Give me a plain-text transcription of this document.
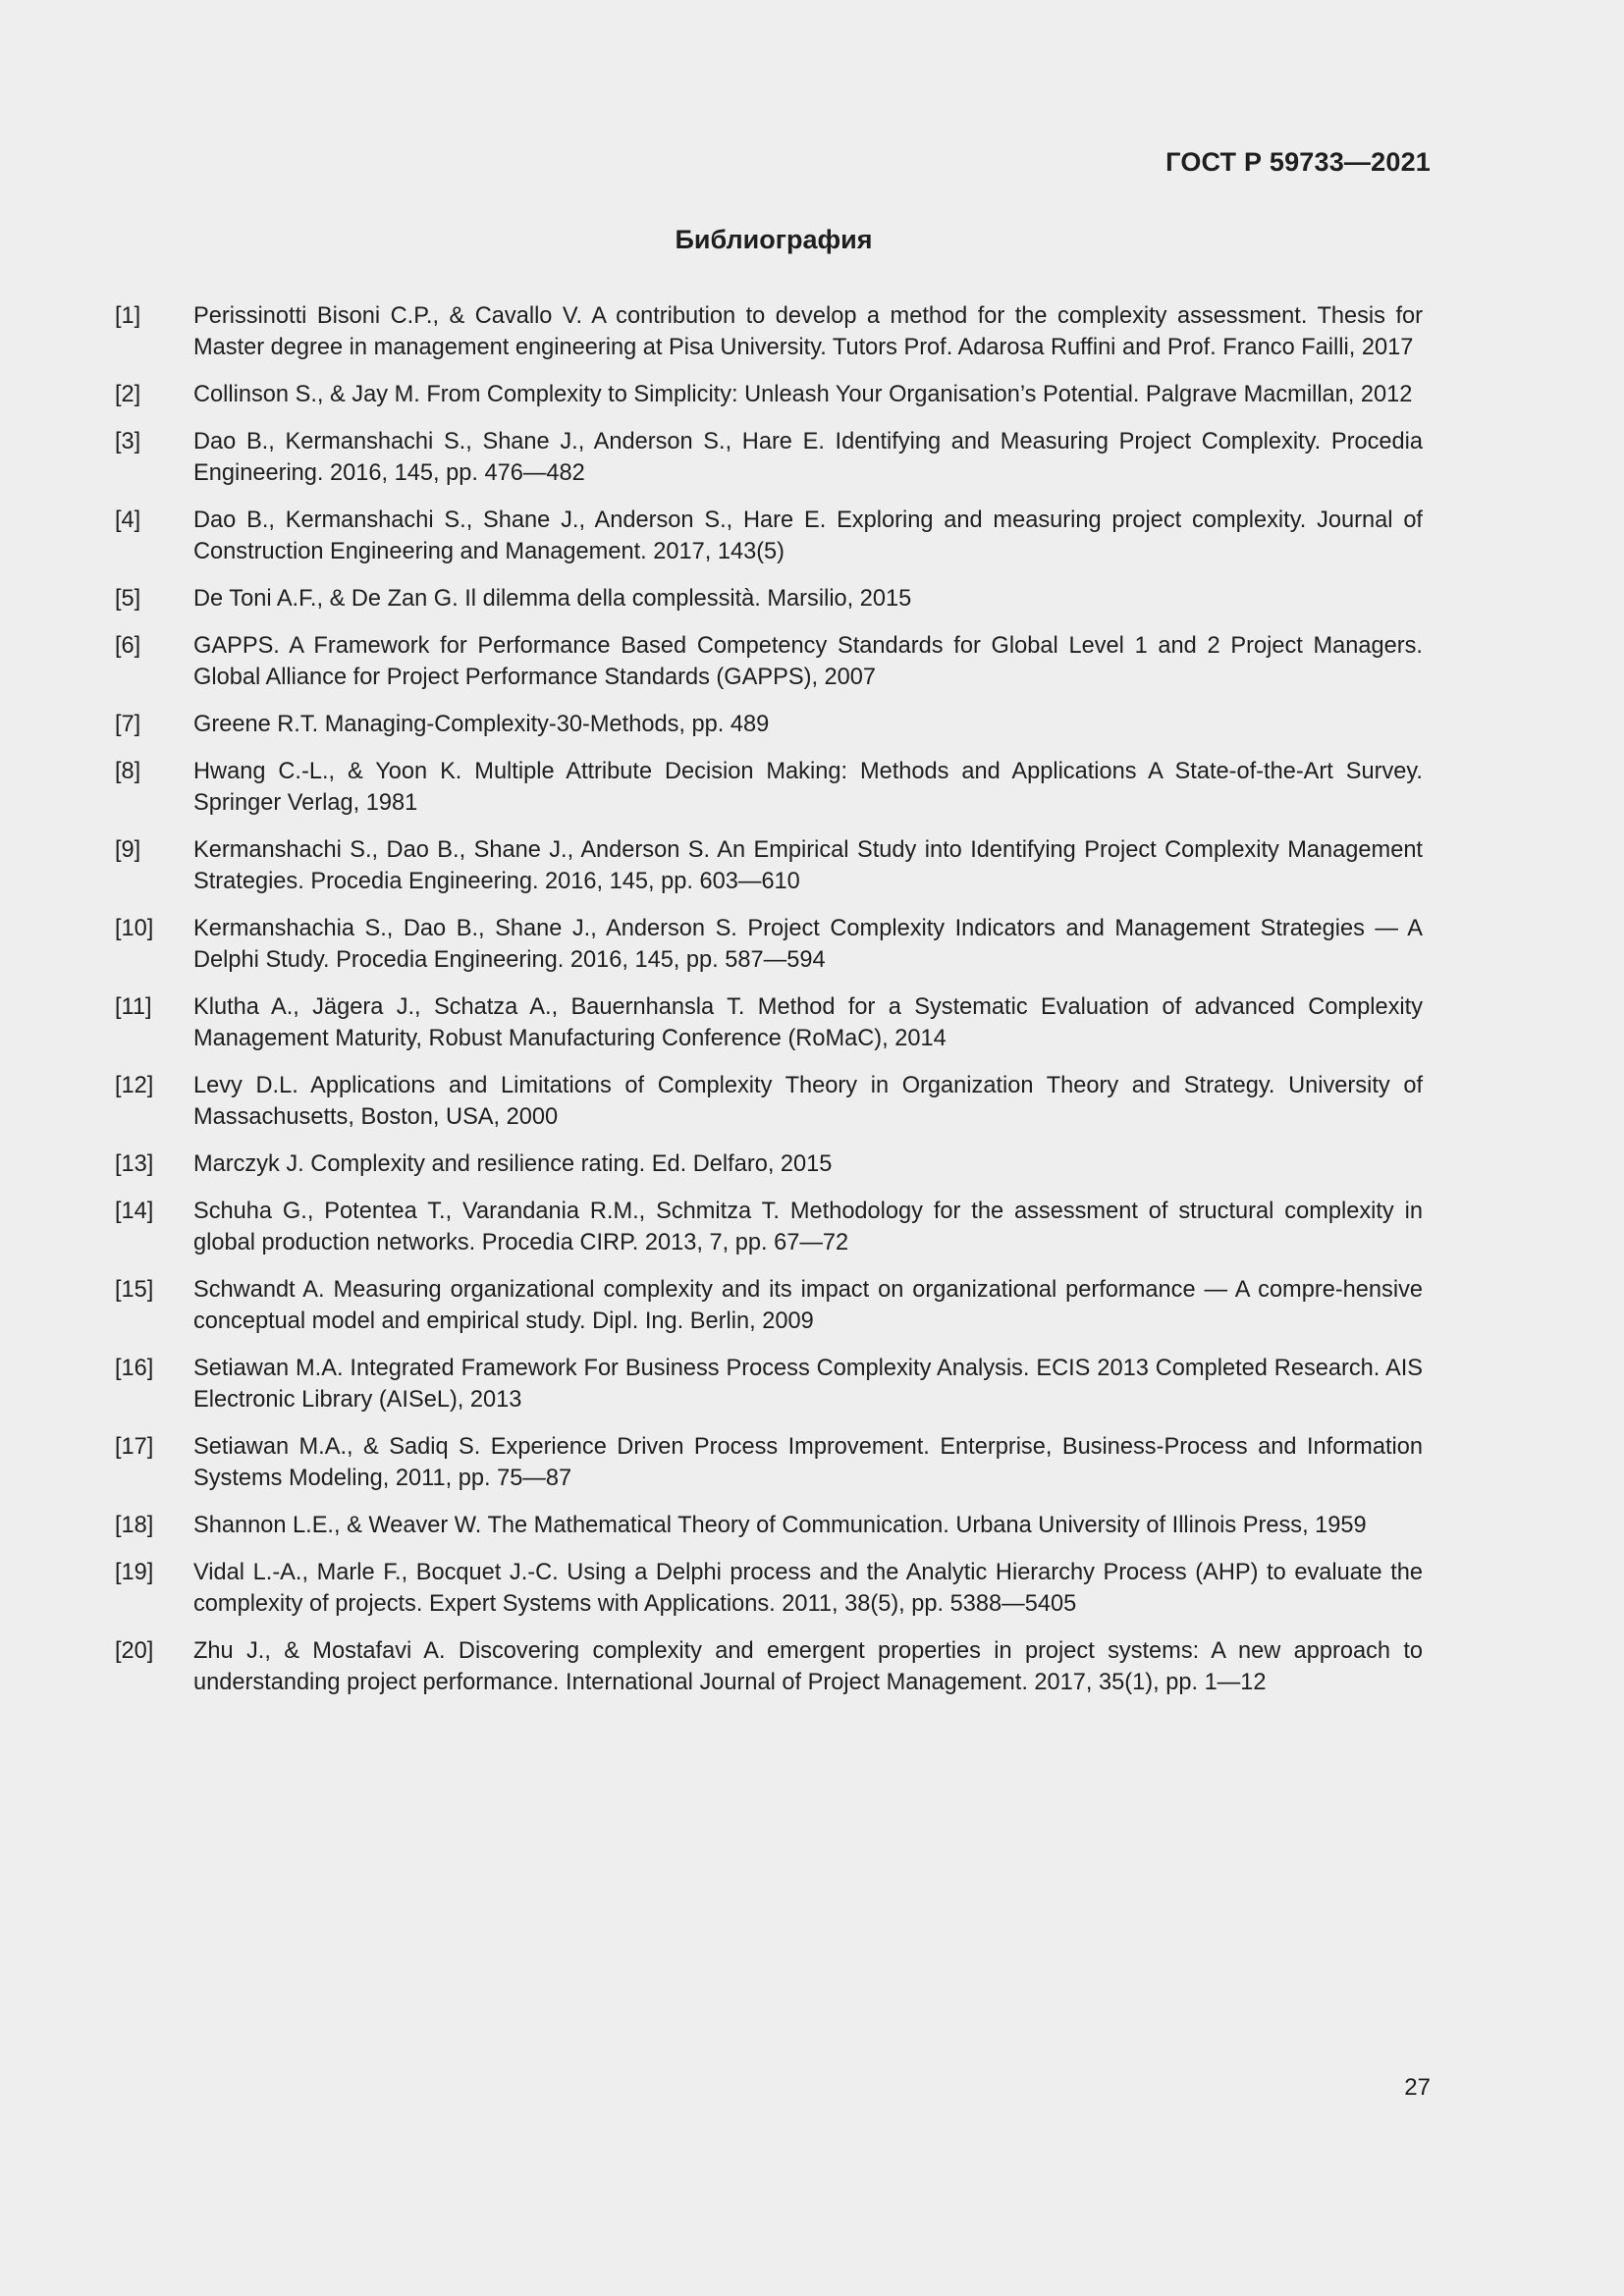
ГОСТ Р 59733—2021
Библиография
[1]	Perissinotti Bisoni C.P., & Cavallo V. A contribution to develop a method for the complexity assessment. Thesis for Master degree in management engineering at Pisa University. Tutors Prof. Adarosa Ruffini and Prof. Franco Failli, 2017
[2]	Collinson S., & Jay M. From Complexity to Simplicity: Unleash Your Organisation’s Potential. Palgrave Macmillan, 2012
[3]	Dao B., Kermanshachi S., Shane J., Anderson S., Hare E. Identifying and Measuring Project Complexity. Procedia Engineering. 2016, 145, pp. 476—482
[4]	Dao B., Kermanshachi S., Shane J., Anderson S., Hare E. Exploring and measuring project complexity. Journal of Construction Engineering and Management. 2017, 143(5)
[5]	De Toni A.F., & De Zan G. Il dilemma della complessità. Marsilio, 2015
[6]	GAPPS. A Framework for Performance Based Competency Standards for Global Level 1 and 2 Project Managers. Global Alliance for Project Performance Standards (GAPPS), 2007
[7]	Greene R.T. Managing-Complexity-30-Methods, pp. 489
[8]	Hwang C.-L., & Yoon K. Multiple Attribute Decision Making: Methods and Applications A State-of-the-Art Survey. Springer Verlag, 1981
[9]	Kermanshachi S., Dao B., Shane J., Anderson S. An Empirical Study into Identifying Project Complexity Management Strategies. Procedia Engineering. 2016, 145, pp. 603—610
[10]	Kermanshachia S., Dao B., Shane J., Anderson S. Project Complexity Indicators and Management Strategies — A Delphi Study. Procedia Engineering. 2016, 145, pp. 587—594
[11]	Klutha A., Jägera J., Schatza A., Bauernhansla T. Method for a Systematic Evaluation of advanced Complexity Management Maturity, Robust Manufacturing Conference (RoMaC), 2014
[12]	Levy D.L. Applications and Limitations of Complexity Theory in Organization Theory and Strategy. University of Massachusetts, Boston, USA, 2000
[13]	Marczyk J. Complexity and resilience rating. Ed. Delfaro, 2015
[14]	Schuha G., Potentea T., Varandania R.M., Schmitza T. Methodology for the assessment of structural complexity in global production networks. Procedia CIRP. 2013, 7, pp. 67—72
[15]	Schwandt A. Measuring organizational complexity and its impact on organizational performance — A compre-hensive conceptual model and empirical study. Dipl. Ing. Berlin, 2009
[16]	Setiawan M.A. Integrated Framework For Business Process Complexity Analysis. ECIS 2013 Completed Research. AIS Electronic Library (AISeL), 2013
[17]	Setiawan M.A., & Sadiq S. Experience Driven Process Improvement. Enterprise, Business-Process and Information Systems Modeling, 2011, pp. 75—87
[18]	Shannon L.E., & Weaver W. The Mathematical Theory of Communication. Urbana University of Illinois Press, 1959
[19]	Vidal L.-A., Marle F., Bocquet J.-C. Using a Delphi process and the Analytic Hierarchy Process (AHP) to evaluate the complexity of projects. Expert Systems with Applications. 2011, 38(5), pp. 5388—5405
[20]	Zhu J., & Mostafavi A. Discovering complexity and emergent properties in project systems: A new approach to understanding project performance. International Journal of Project Management. 2017, 35(1), pp. 1—12
27
